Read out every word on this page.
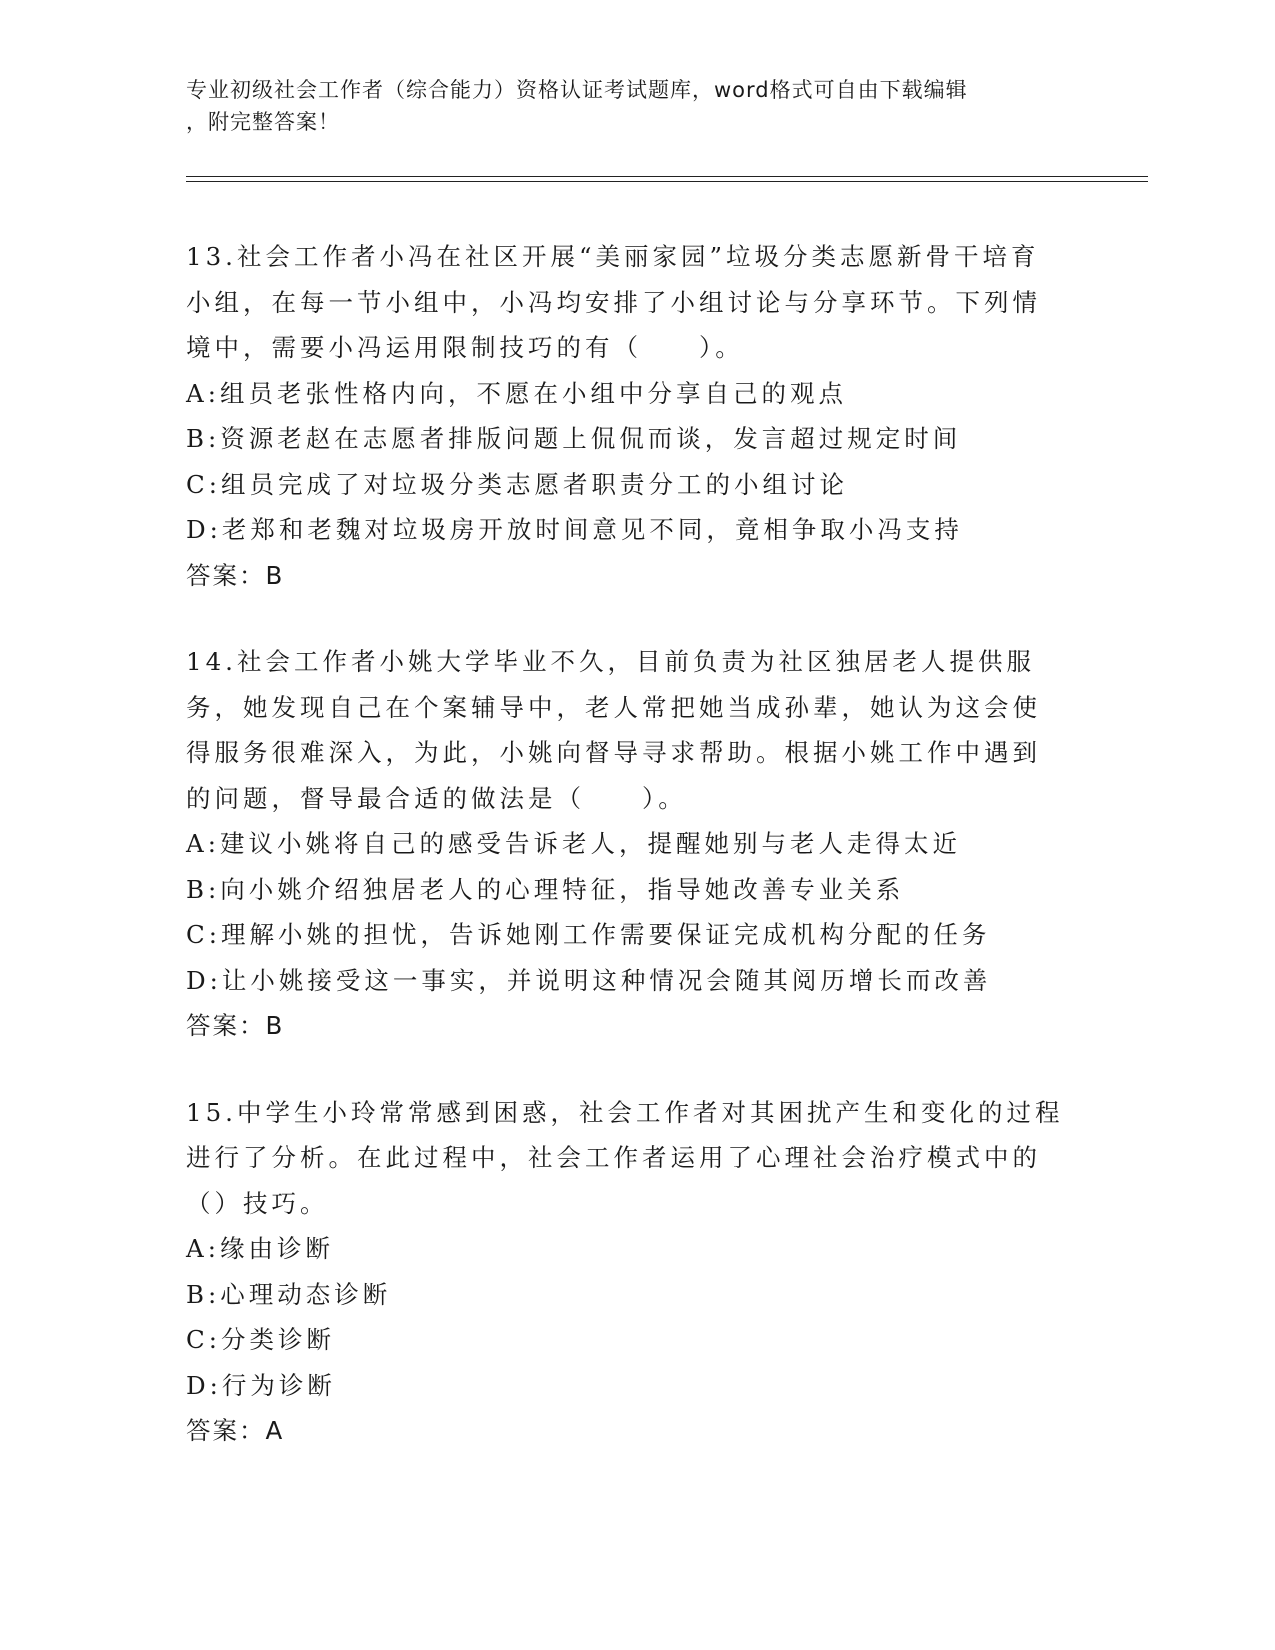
专业初级社会工作者（综合能力）资格认证考试题库，word格式可自由下载编辑
，附完整答案！

13.社会工作者小冯在社区开展“美丽家园”垃圾分类志愿新骨干培育小组，在每一节小组中，小冯均安排了小组讨论与分享环节。下列情境中，需要小冯运用限制技巧的有（　　）。

A:组员老张性格内向，不愿在小组中分享自己的观点

B:资源老赵在志愿者排版问题上侃侃而谈，发言超过规定时间

C:组员完成了对垃圾分类志愿者职责分工的小组讨论

D:老郑和老魏对垃圾房开放时间意见不同，竟相争取小冯支持

答案：B

14.社会工作者小姚大学毕业不久，目前负责为社区独居老人提供服务，她发现自己在个案辅导中，老人常把她当成孙辈，她认为这会使得服务很难深入，为此，小姚向督导寻求帮助。根据小姚工作中遇到的问题，督导最合适的做法是（　　）。

A:建议小姚将自己的感受告诉老人，提醒她别与老人走得太近

B:向小姚介绍独居老人的心理特征，指导她改善专业关系

C:理解小姚的担忧，告诉她刚工作需要保证完成机构分配的任务

D:让小姚接受这一事实，并说明这种情况会随其阅历增长而改善

答案：B

15.中学生小玲常常感到困惑，社会工作者对其困扰产生和变化的过程进行了分析。在此过程中，社会工作者运用了心理社会治疗模式中的（）技巧。

A:缘由诊断

B:心理动态诊断

C:分类诊断

D:行为诊断

答案：A
